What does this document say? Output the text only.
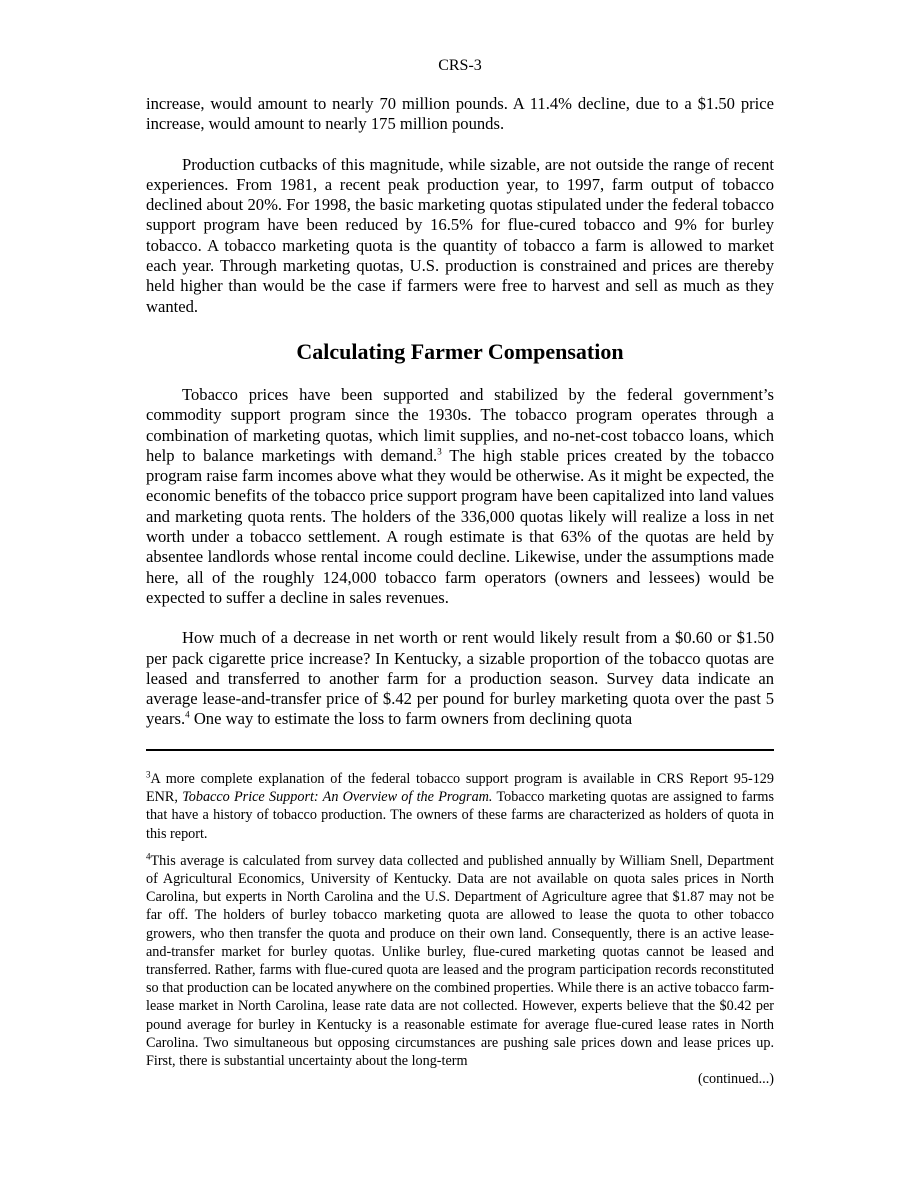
CRS-3

increase, would amount to nearly 70 million pounds. A 11.4% decline, due to a $1.50 price increase, would amount to nearly 175 million pounds.

Production cutbacks of this magnitude, while sizable, are not outside the range of recent experiences. From 1981, a recent peak production year, to 1997, farm output of tobacco declined about 20%. For 1998, the basic marketing quotas stipulated under the federal tobacco support program have been reduced by 16.5% for flue-cured tobacco and 9% for burley tobacco. A tobacco marketing quota is the quantity of tobacco a farm is allowed to market each year. Through marketing quotas, U.S. production is constrained and prices are thereby held higher than would be the case if farmers were free to harvest and sell as much as they wanted.

Calculating Farmer Compensation

Tobacco prices have been supported and stabilized by the federal government’s commodity support program since the 1930s. The tobacco program operates through a combination of marketing quotas, which limit supplies, and no-net-cost tobacco loans, which help to balance marketings with demand.$^3$ The high stable prices created by the tobacco program raise farm incomes above what they would be otherwise. As it might be expected, the economic benefits of the tobacco price support program have been capitalized into land values and marketing quota rents. The holders of the 336,000 quotas likely will realize a loss in net worth under a tobacco settlement. A rough estimate is that 63% of the quotas are held by absentee landlords whose rental income could decline. Likewise, under the assumptions made here, all of the roughly 124,000 tobacco farm operators (owners and lessees) would be expected to suffer a decline in sales revenues.

How much of a decrease in net worth or rent would likely result from a $0.60 or $1.50 per pack cigarette price increase? In Kentucky, a sizable proportion of the tobacco quotas are leased and transferred to another farm for a production season. Survey data indicate an average lease-and-transfer price of $.42 per pound for burley marketing quota over the past 5 years.$^4$ One way to estimate the loss to farm owners from declining quota

$^3$A more complete explanation of the federal tobacco support program is available in CRS Report 95-129 ENR, Tobacco Price Support: An Overview of the Program. Tobacco marketing quotas are assigned to farms that have a history of tobacco production. The owners of these farms are characterized as holders of quota in this report.

$^4$This average is calculated from survey data collected and published annually by William Snell, Department of Agricultural Economics, University of Kentucky. Data are not available on quota sales prices in North Carolina, but experts in North Carolina and the U.S. Department of Agriculture agree that $1.87 may not be far off. The holders of burley tobacco marketing quota are allowed to lease the quota to other tobacco growers, who then transfer the quota and produce on their own land. Consequently, there is an active lease-and-transfer market for burley quotas. Unlike burley, flue-cured marketing quotas cannot be leased and transferred. Rather, farms with flue-cured quota are leased and the program participation records reconstituted so that production can be located anywhere on the combined properties. While there is an active tobacco farm-lease market in North Carolina, lease rate data are not collected. However, experts believe that the $0.42 per pound average for burley in Kentucky is a reasonable estimate for average flue-cured lease rates in North Carolina. Two simultaneous but opposing circumstances are pushing sale prices down and lease prices up. First, there is substantial uncertainty about the long-term

(continued...)
